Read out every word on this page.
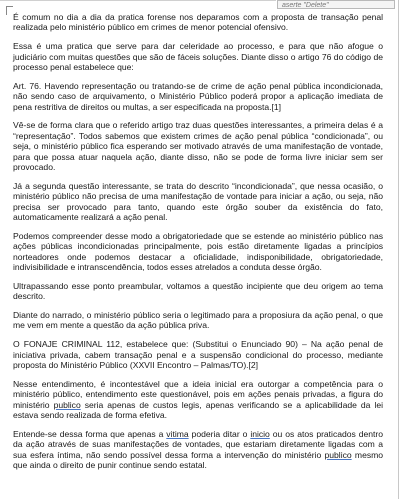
aserte "Delete"

É comum no dia a dia da pratica forense nos deparamos com a proposta de transação penal realizada pelo ministério público em crimes de menor potencial ofensivo.

Essa é uma pratica que serve para dar celeridade ao processo, e para que não afogue o judiciário com muitas questões que são de fáceis soluções. Diante disso o artigo 76 do código de processo penal estabelece que:

Art. 76. Havendo representação ou tratando-se de crime de ação penal pública incondicionada, não sendo caso de arquivamento, o Ministério Público poderá propor a aplicação imediata de pena restritiva de direitos ou multas, a ser especificada na proposta.[1]

Vê-se de forma clara que o referido artigo traz duas questões interessantes, a primeira delas é a “representação”. Todos sabemos que existem crimes de ação penal pública “condicionada”, ou seja, o ministério público fica esperando ser motivado através de uma manifestação de vontade, para que possa atuar naquela ação, diante disso, não se pode de forma livre iniciar sem ser provocado.

Já a segunda questão interessante, se trata do descrito “incondicionada”, que nessa ocasião, o ministério público não precisa de uma manifestação de vontade para iniciar a ação, ou seja, não precisa ser provocado para tanto, quando este órgão souber da existência do fato, automaticamente realizará a ação penal.

Podemos compreender desse modo a obrigatoriedade que se estende ao ministério público nas ações públicas incondicionadas principalmente, pois estão diretamente ligadas a princípios norteadores onde podemos destacar a oficialidade, indisponibilidade, obrigatoriedade, indivisibilidade e intranscendência, todos esses atrelados a conduta desse órgão.

Ultrapassando esse ponto preambular, voltamos a questão incipiente que deu origem ao tema descrito.

Diante do narrado, o ministério público seria o legitimado para a proposiura da ação penal, o que me vem em mente a questão da ação pública priva.

O FONAJE CRIMINAL 112, estabelece que: (Substitui o Enunciado 90) – Na ação penal de iniciativa privada, cabem transação penal e a suspensão condicional do processo, mediante proposta do Ministério Público (XXVII Encontro – Palmas/TO).[2]

Nesse entendimento, é incontestável que a ideia inicial era outorgar a competência para o ministério público, entendimento este questionável, pois em ações penais privadas, a figura do ministério publico seria apenas de custos legis, apenas verificando se a aplicabilidade da lei estava sendo realizada de forma efetiva.

Entende-se dessa forma que apenas a vitima poderia ditar o inicio ou os atos praticados dentro da ação através de suas manifestações de vontades, que estariam diretamente ligadas com a sua esfera íntima, não sendo possível dessa forma a intervenção do ministério publico mesmo que ainda o direito de punir continue sendo estatal.
